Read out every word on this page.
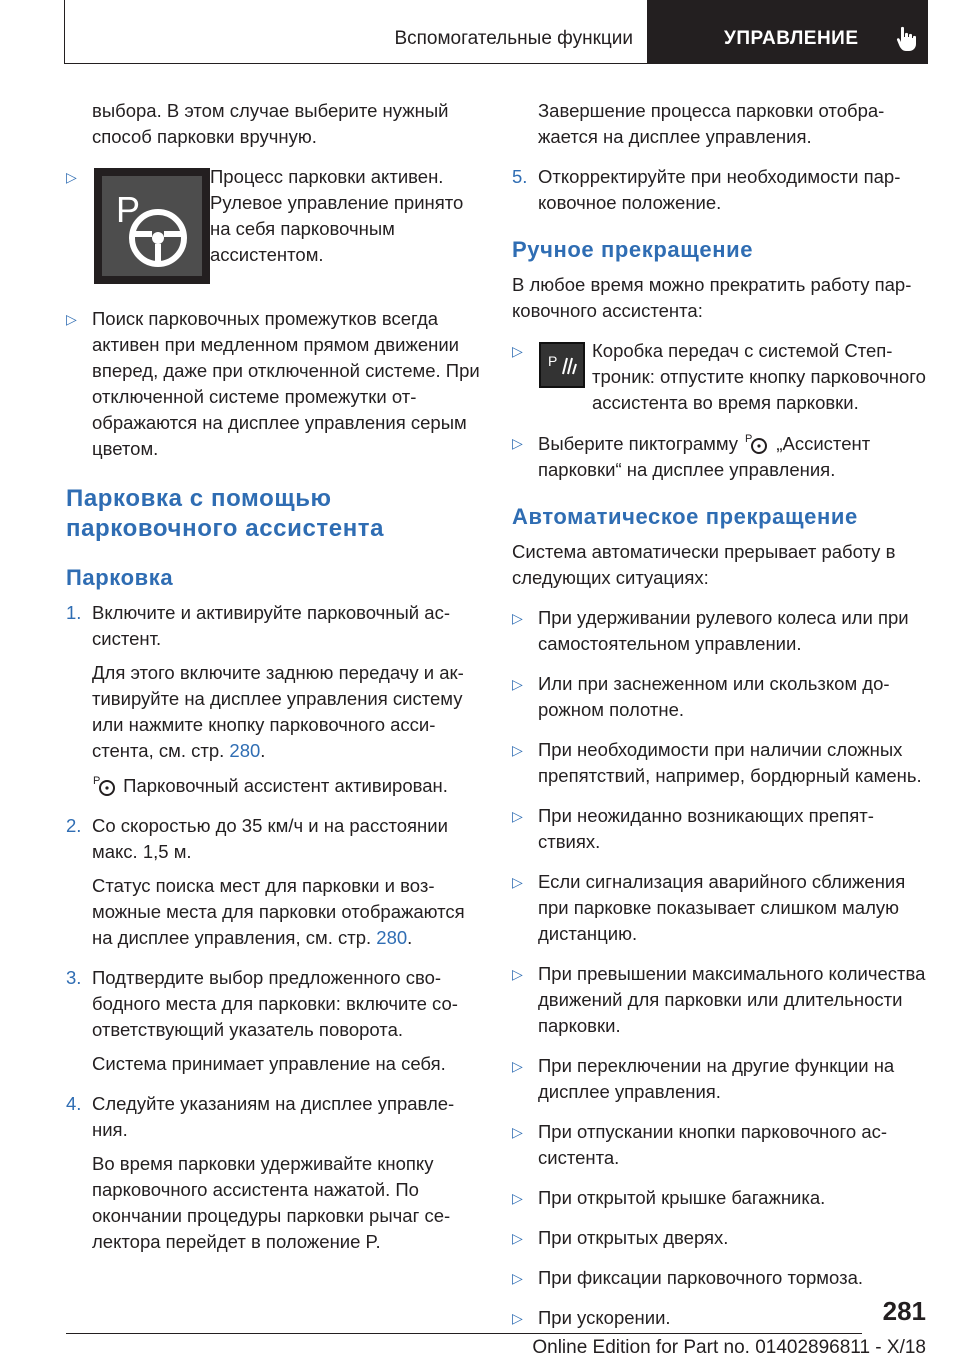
Вспомогательные функции	УПРАВЛЕНИЕ

выбора. В этом случае выберите нужный способ парковки вручную.

▷
P

Процесс парковки активен. Рулевое управление принято на себя парковочным ассистентом.

▷ Поиск парковочных промежутков всегда активен при медленном прямом движении вперед, даже при отключенной системе. При отключенной системе промежутки отображаются на дисплее управления серым цветом.

Парковка с помощью парковочного ассистента
Парковка
1. Включите и активируйте парковочный ассистент.

Для этого включите заднюю передачу и активируйте на дисплее управления систему или нажмите кнопку парковочного ассистента, см. стр. 280.

P Парковочный ассистент активирован.

2. Со скоростью до 35 км/ч и на расстоянии макс. 1,5 м.

Статус поиска мест для парковки и возможные места для парковки отображаются на дисплее управления, см. стр. 280.

3. Подтвердите выбор предложенного свободного места для парковки: включите соответствующий указатель поворота.

Система принимает управление на себя.

4. Следуйте указаниям на дисплее управления.

Во время парковки удерживайте кнопку парковочного ассистента нажатой. По окончании процедуры парковки рычаг селектора перейдет в положение P.

Завершение процесса парковки отображается на дисплее управления.

5. Откорректируйте при необходимости парковочное положение.

Ручное прекращение

В любое время можно прекратить работу парковочного ассистента:

▷
P Коробка передач с системой Стептроник: отпустите кнопку парковочного ассистента во время парковки.

▷ Выберите пиктограмму P „Ассистент парковки“ на дисплее управления.

Автоматическое прекращение

Система автоматически прерывает работу в следующих ситуациях:

▷ При удерживании рулевого колеса или при самостоятельном управлении.

▷ Или при заснеженном или скользком дорожном полотне.

▷ При необходимости при наличии сложных препятствий, например, бордюрный камень.

▷ При неожиданно возникающих препятствиях.

▷ Если сигнализация аварийного сближения при парковке показывает слишком малую дистанцию.

▷ При превышении максимального количества движений для парковки или длительности парковки.

▷ При переключении на другие функции на дисплее управления.

▷ При отпускании кнопки парковочного ассистента.

▷ При открытой крышке багажника.

▷ При открытых дверях.

▷ При фиксации парковочного тормоза.

▷ При ускорении.	281
Online Edition for Part no. 01402896811 - X/18
